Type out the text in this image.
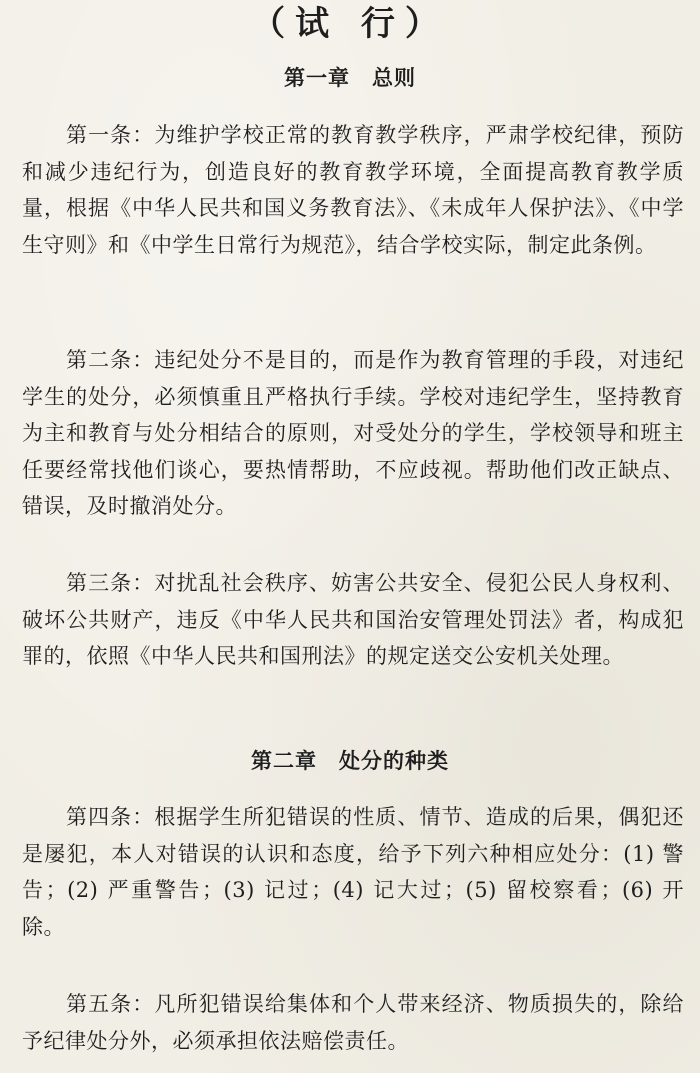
（试 行）
第一章　总则

第一条：为维护学校正常的教育教学秩序，严肃学校纪律，预防和减少违纪行为，创造良好的教育教学环境，全面提高教育教学质量，根据《中华人民共和国义务教育法》、《未成年人保护法》、《中学生守则》和《中学生日常行为规范》，结合学校实际，制定此条例。

第二条：违纪处分不是目的，而是作为教育管理的手段，对违纪学生的处分，必须慎重且严格执行手续。学校对违纪学生，坚持教育为主和教育与处分相结合的原则，对受处分的学生，学校领导和班主任要经常找他们谈心，要热情帮助，不应歧视。帮助他们改正缺点、错误，及时撤消处分。

第三条：对扰乱社会秩序、妨害公共安全、侵犯公民人身权利、破坏公共财产，违反《中华人民共和国治安管理处罚法》者，构成犯罪的，依照《中华人民共和国刑法》的规定送交公安机关处理。

第二章　处分的种类

第四条：根据学生所犯错误的性质、情节、造成的后果，偶犯还是屡犯，本人对错误的认识和态度，给予下列六种相应处分：(1) 警告；(2) 严重警告；(3) 记过；(4) 记大过；(5) 留校察看；(6) 开除。

第五条：凡所犯错误给集体和个人带来经济、物质损失的，除给予纪律处分外，必须承担依法赔偿责任。
